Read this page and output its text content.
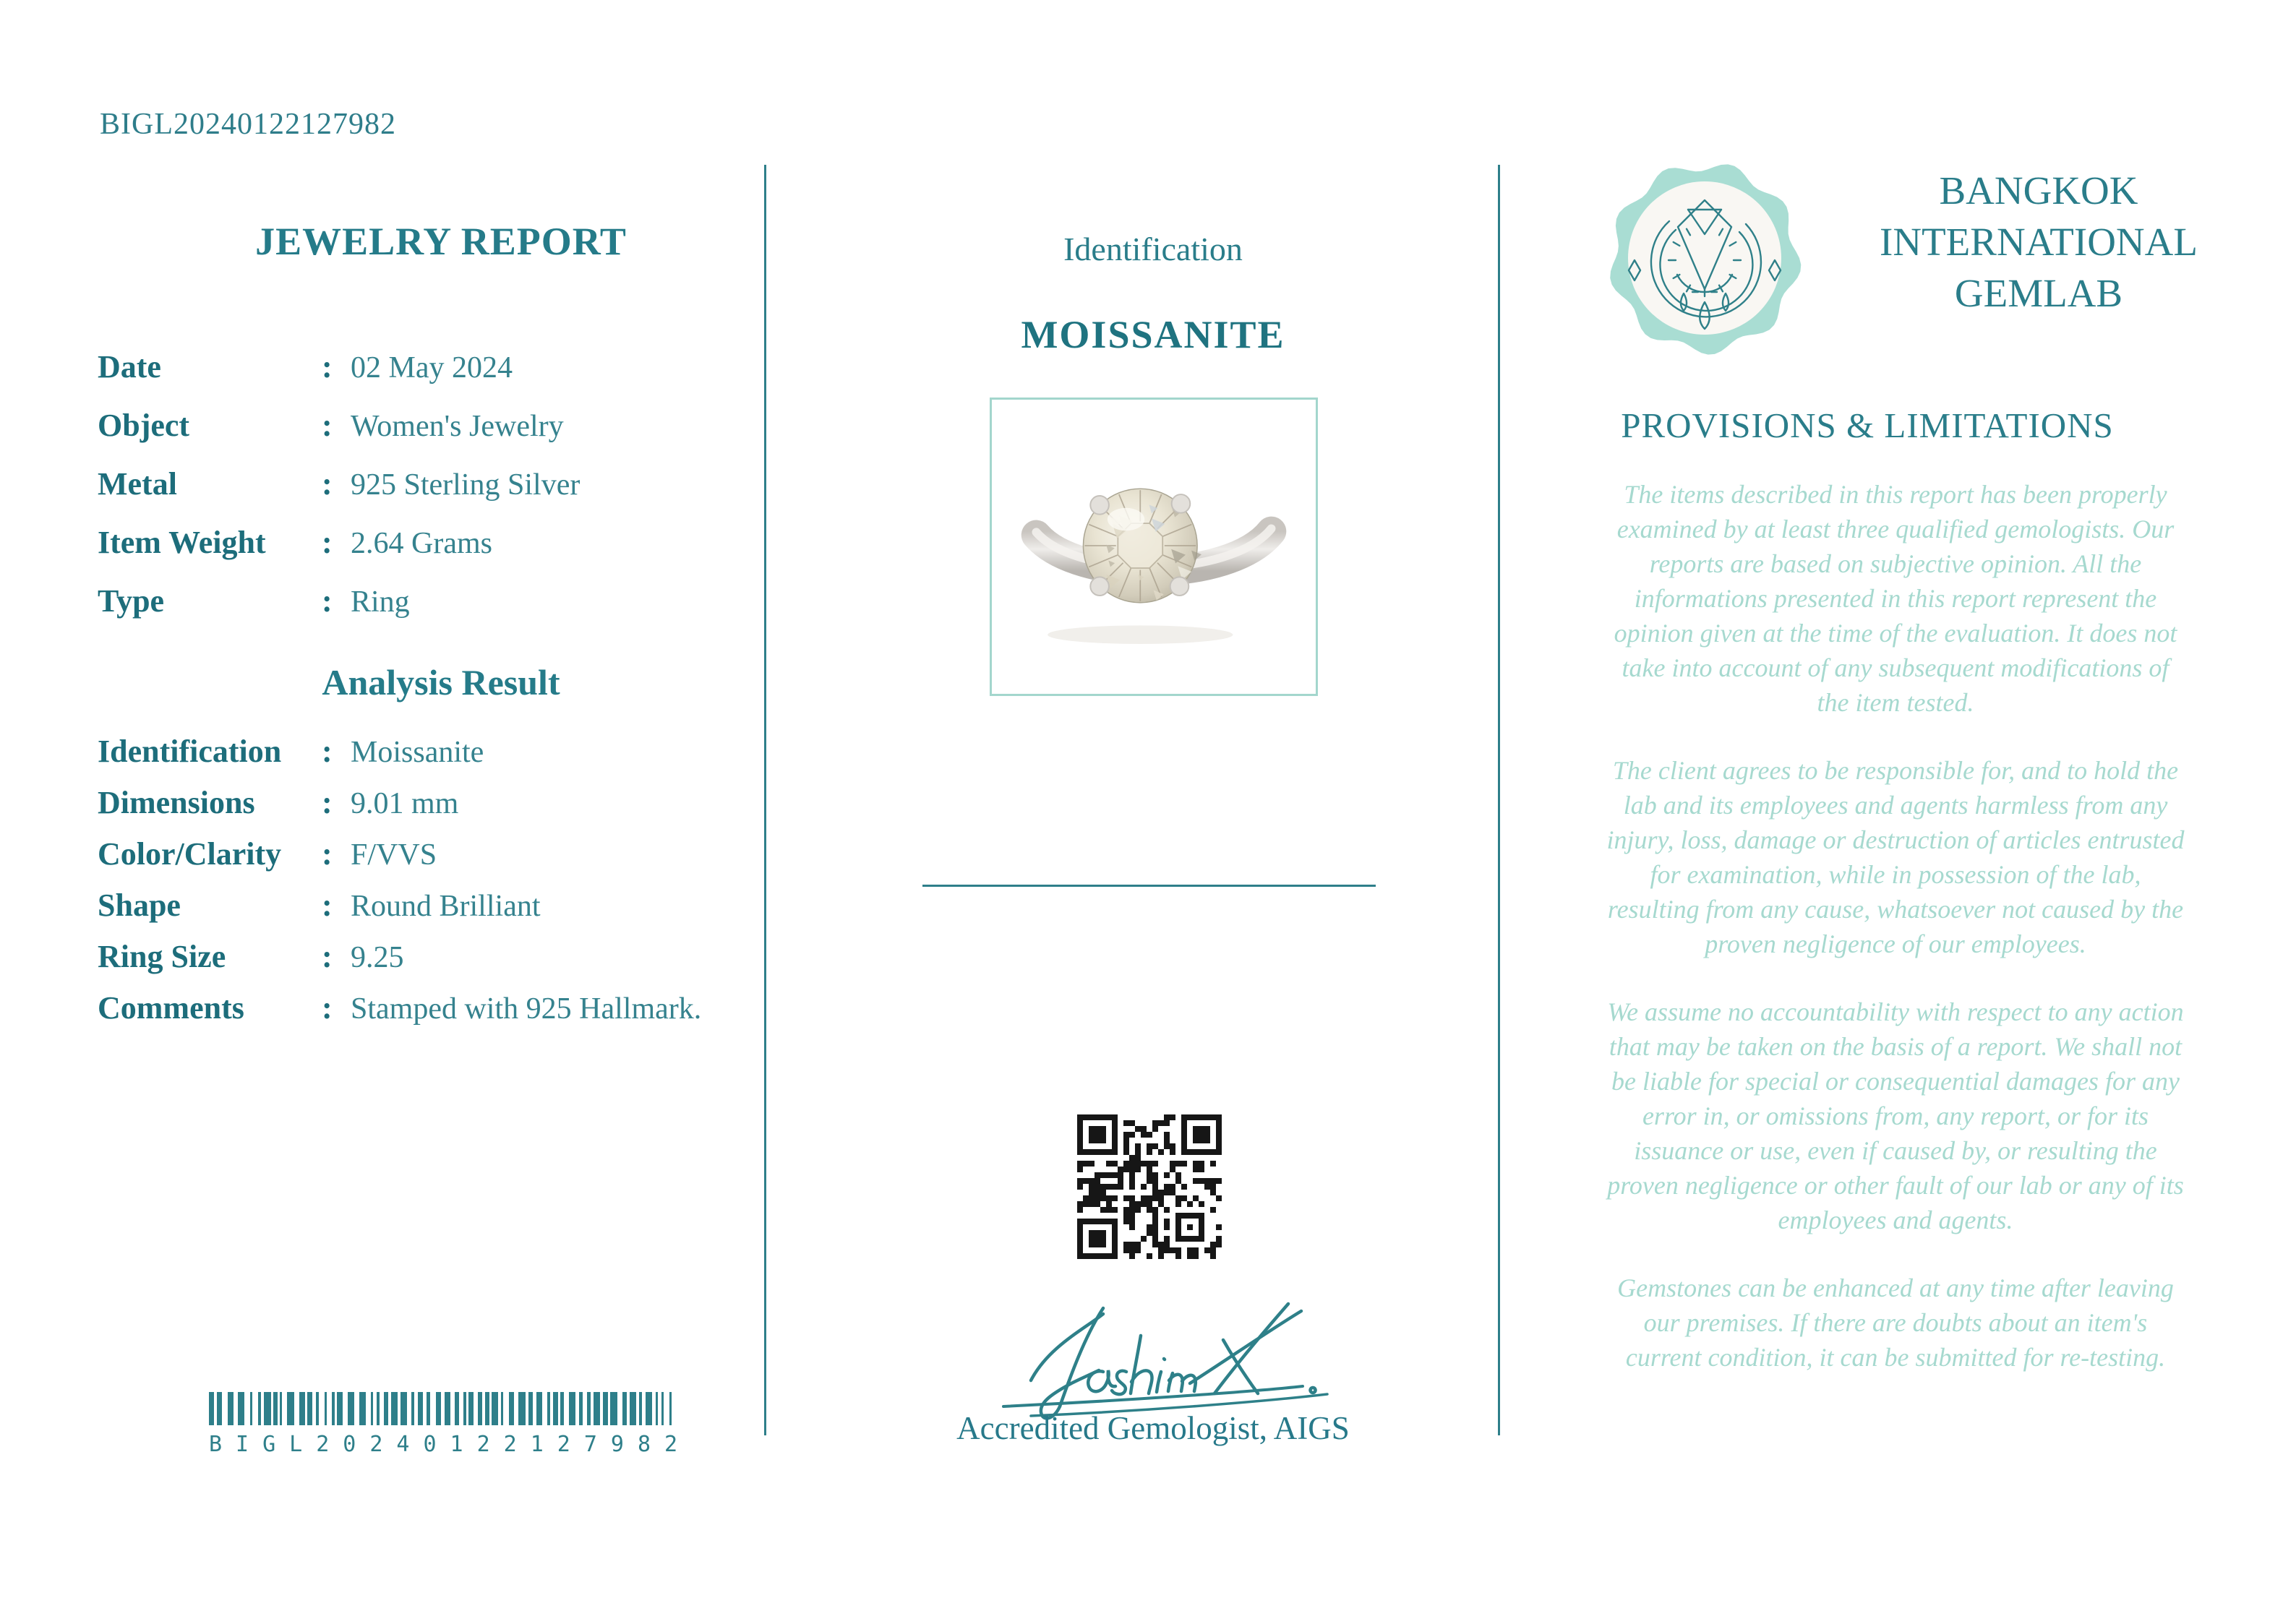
BIGL20240122127982
JEWELRY REPORT
Date	: 02 May 2024
Object	: Women's Jewelry
Metal	: 925 Sterling Silver
Item Weight	: 2.64 Grams
Type	: Ring
Analysis Result
Identification	: Moissanite
Dimensions	: 9.01 mm
Color/Clarity	: F/VVS
Shape	: Round Brilliant
Ring Size	: 9.25
Comments	: Stamped with 925 Hallmark.
BIGL20240122127982
Identification
MOISSANITE
Accredited Gemologist, AIGS
BANGKOK
INTERNATIONAL
GEMLAB
PROVISIONS & LIMITATIONS

The items described in this report has been properly examined by at least three qualified gemologists. Our reports are based on subjective opinion. All the informations presented in this report represent the opinion given at the time of the evaluation. It does not take into account of any subsequent modifications of the item tested.

The client agrees to be responsible for, and to hold the lab and its employees and agents harmless from any injury, loss, damage or destruction of articles entrusted for examination, while in possession of the lab, resulting from any cause, whatsoever not caused by the proven negligence of our employees.

We assume no accountability with respect to any action that may be taken on the basis of a report. We shall not be liable for special or consequential damages for any error in, or omissions from, any report, or for its issuance or use, even if caused by, or resulting the proven negligence or other fault of our lab or any of its employees and agents.

Gemstones can be enhanced at any time after leaving our premises. If there are doubts about an item's current condition, it can be submitted for re-testing.
